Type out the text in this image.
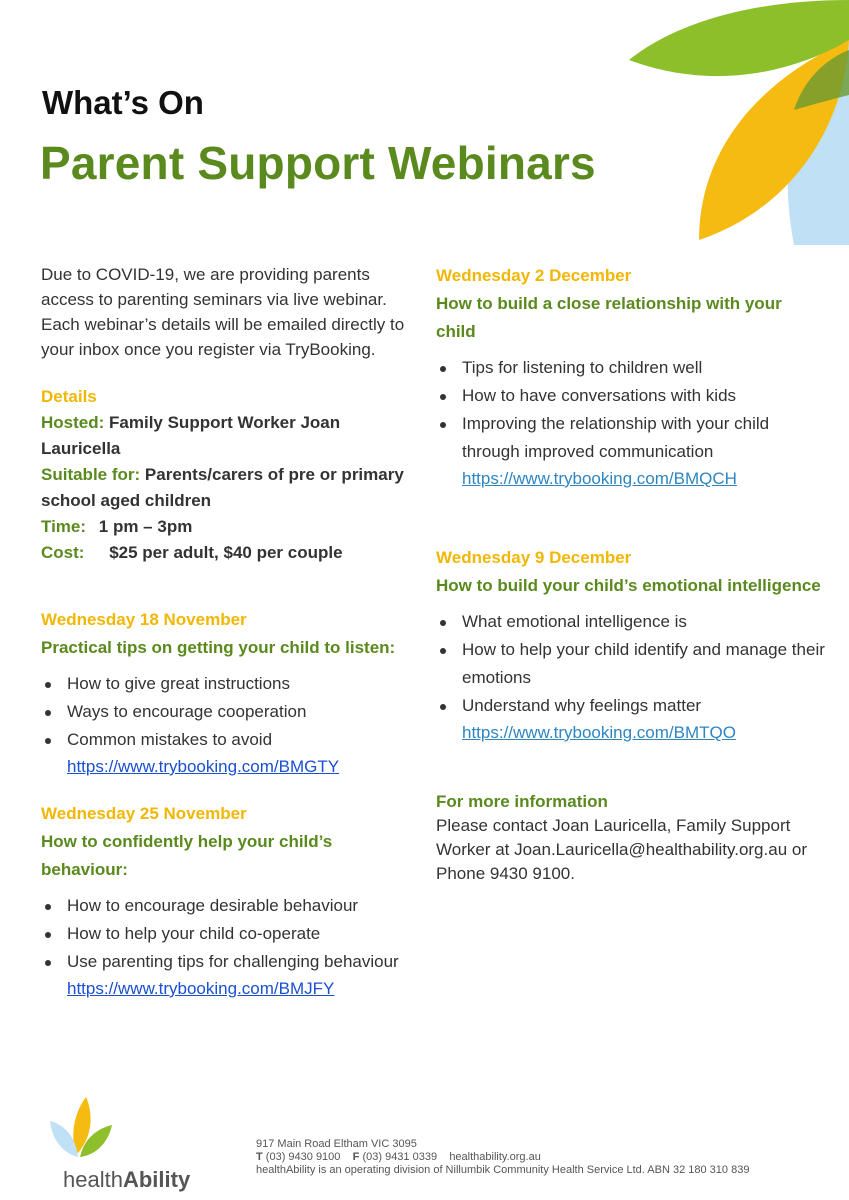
What’s On
Parent Support Webinars

Due to COVID-19, we are providing parents access to parenting seminars via live webinar. Each webinar’s details will be emailed directly to your inbox once you register via TryBooking.

Details
Hosted: Family Support Worker Joan Lauricella
Suitable for: Parents/carers of pre or primary school aged children
Time: 1 pm – 3pm
Cost: $25 per adult, $40 per couple
Wednesday 18 November
Practical tips on getting your child to listen:
How to give great instructions
Ways to encourage cooperation
Common mistakes to avoid
https://www.trybooking.com/BMGTY
Wednesday 25 November
How to confidently help your child’s behaviour:
How to encourage desirable behaviour
How to help your child co-operate
Use parenting tips for challenging behaviour
https://www.trybooking.com/BMJFY
Wednesday 2 December
How to build a close relationship with your child
Tips for listening to children well
How to have conversations with kids
Improving the relationship with your child through improved communication
https://www.trybooking.com/BMQCH
Wednesday 9 December
How to build your child’s emotional intelligence
What emotional intelligence is
How to help your child identify and manage their emotions
Understand why feelings matter
https://www.trybooking.com/BMTQO
For more information
Please contact Joan Lauricella, Family Support Worker at Joan.Lauricella@healthability.org.au or Phone 9430 9100.
healthAbility
917 Main Road Eltham VIC 3095
T (03) 9430 9100 F (03) 9431 0339 healthability.org.au
healthAbility is an operating division of Nillumbik Community Health Service Ltd. ABN 32 180 310 839
